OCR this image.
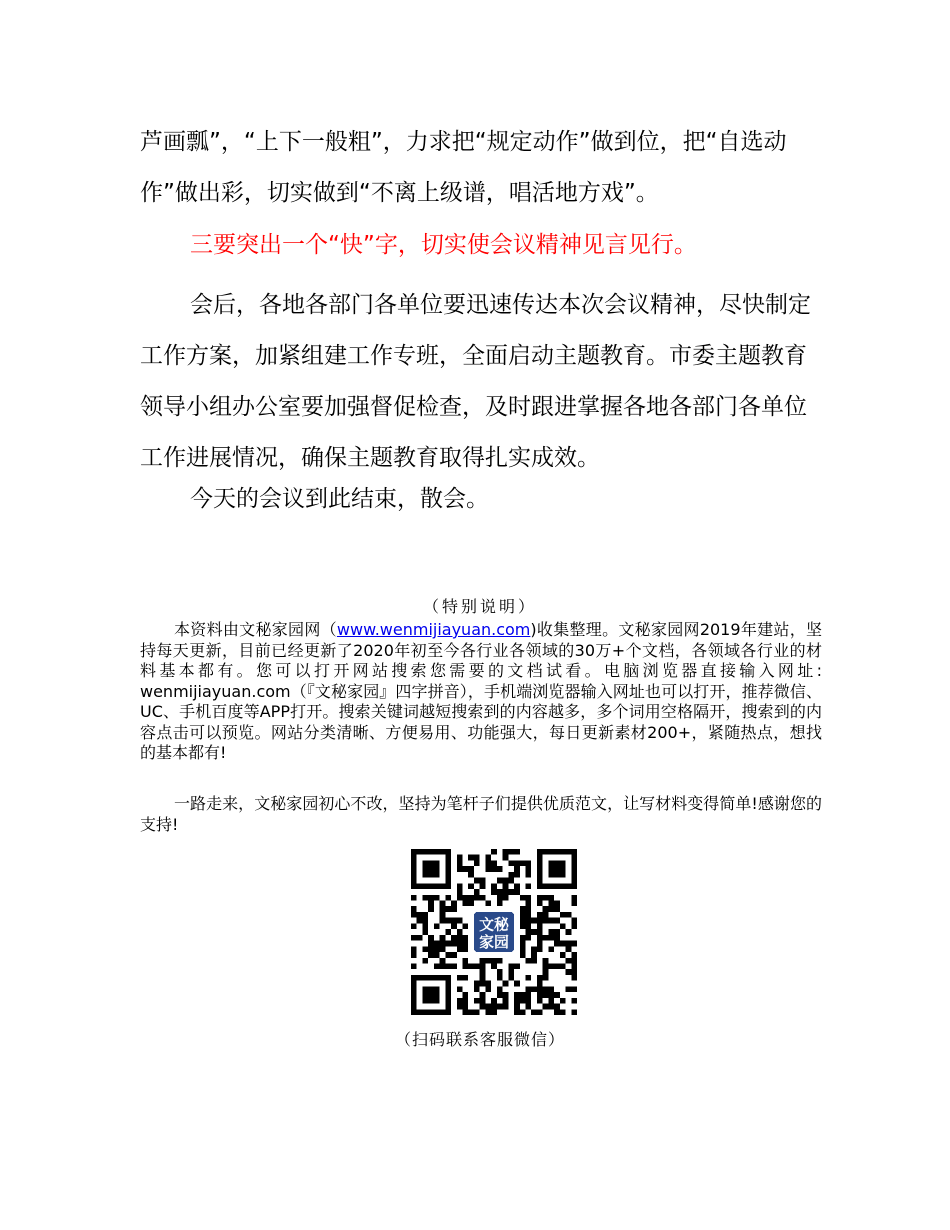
芦画瓢”，“上下一般粗”，力求把“规定动作”做到位，把“自选动作”做出彩，切实做到“不离上级谱，唱活地方戏”。

三要突出一个“快”字，切实使会议精神见言见行。

会后，各地各部门各单位要迅速传达本次会议精神，尽快制定工作方案，加紧组建工作专班，全面启动主题教育。市委主题教育领导小组办公室要加强督促检查，及时跟进掌握各地各部门各单位工作进展情况，确保主题教育取得扎实成效。

今天的会议到此结束，散会。

（特别说明）

本资料由文秘家园网（www.wenmijiayuan.com)收集整理。文秘家园网2019年建站，坚持每天更新，目前已经更新了2020年初至今各行业各领域的30万+个文档，各领域各行业的材料基本都有。您可以打开网站搜索您需要的文档试看。电脑浏览器直接输入网址: wenmijiayuan.com（『文秘家园』四字拼音），手机端浏览器输入网址也可以打开，推荐微信、UC、手机百度等APP打开。搜索关键词越短搜索到的内容越多，多个词用空格隔开，搜索到的内容点击可以预览。网站分类清晰、方便易用、功能强大，每日更新素材200+，紧随热点，想找的基本都有!

一路走来，文秘家园初心不改，坚持为笔杆子们提供优质范文，让写材料变得简单!感谢您的支持!

文秘
家园

（扫码联系客服微信）
